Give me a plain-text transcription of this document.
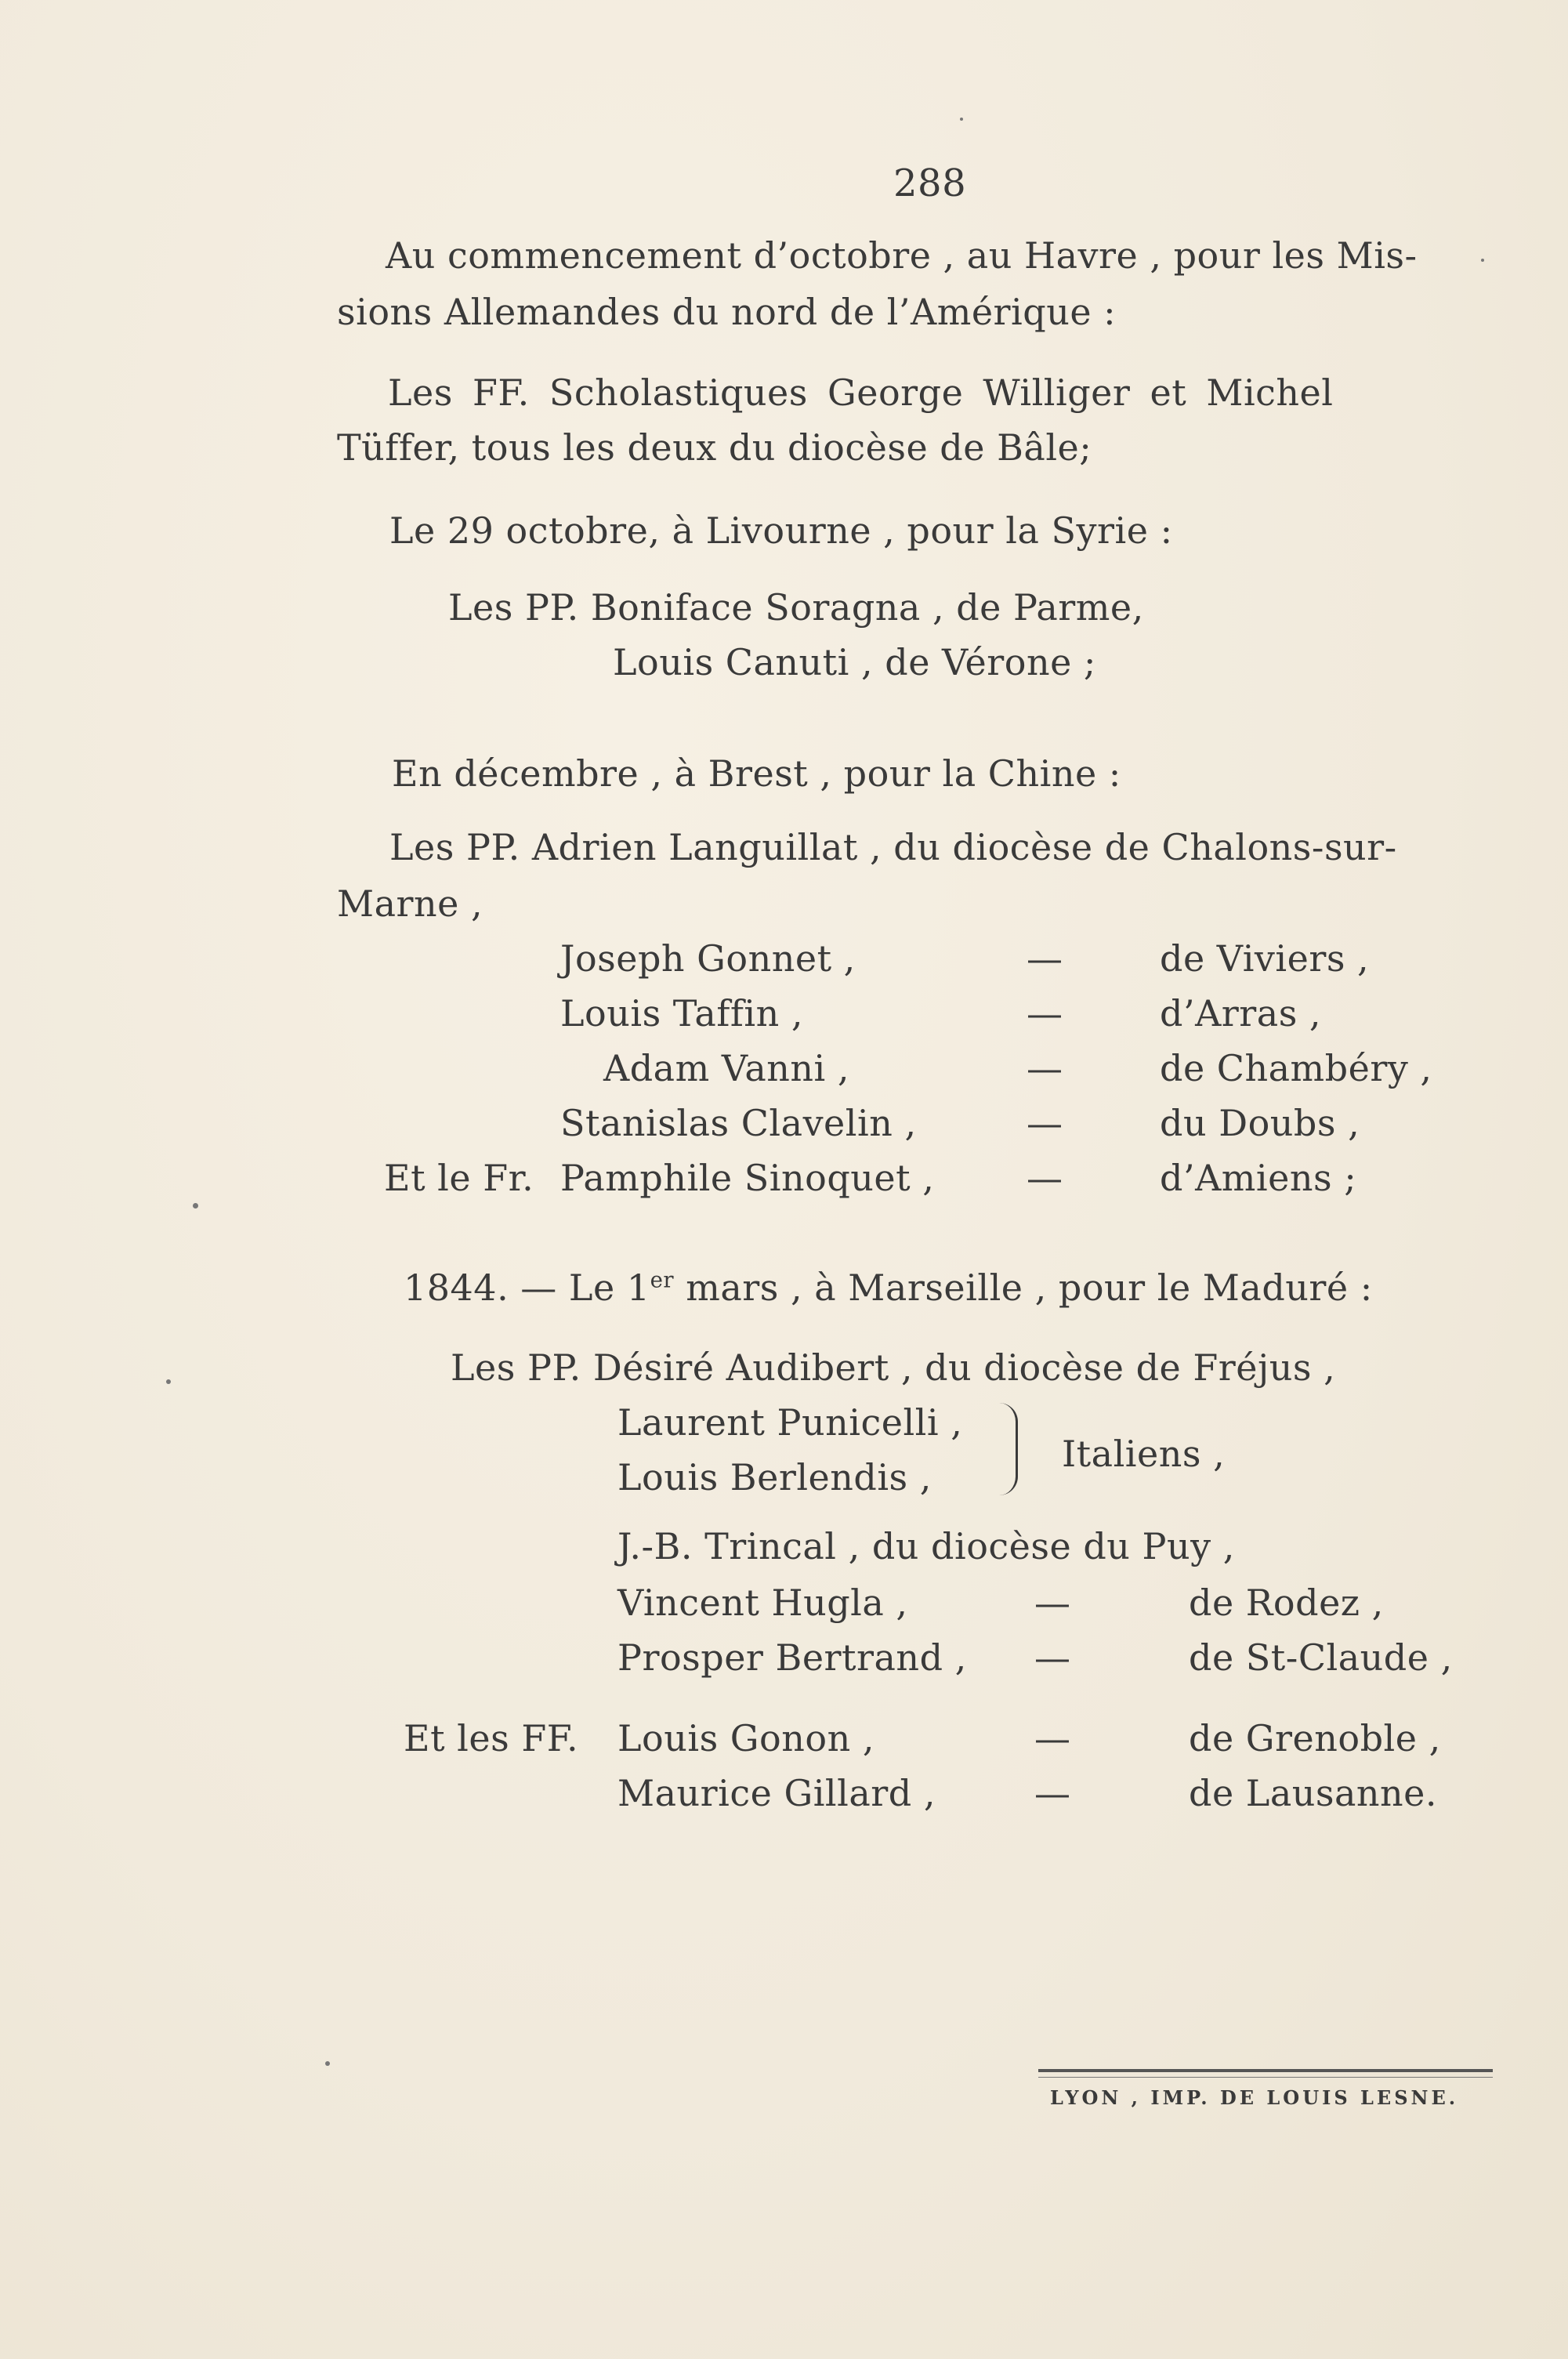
288
Au commencement d’octobre , au Havre , pour les Mis-
sions Allemandes du nord de l’Amérique :
Les FF. Scholastiques George Williger et Michel
Tüffer, tous les deux du diocèse de Bâle;
Le 29 octobre, à Livourne , pour la Syrie :
Les PP. Boniface Soragna , de Parme,
Louis Canuti , de Vérone ;
En décembre , à Brest , pour la Chine :
Les PP. Adrien Languillat , du diocèse de Chalons-sur-
Marne ,
Joseph Gonnet ,	—	de Viviers ,
Louis Taffin ,	—	d’Arras ,
Adam Vanni ,	—	de Chambéry ,
Stanislas Clavelin ,	—	du Doubs ,
Et le Fr. Pamphile Sinoquet ,	—	d’Amiens ;
1844. — Le 1er mars , à Marseille , pour le Maduré :
Les PP. Désiré Audibert , du diocèse de Fréjus ,
Laurent Punicelli ,
Louis Berlendis ,
Italiens ,
J.-B. Trincal , du diocèse du Puy ,
Vincent Hugla ,	—	de Rodez ,
Prosper Bertrand , —	de St-Claude ,
Et les FF. Louis Gonon ,	—	de Grenoble ,
Maurice Gillard ,	—	de Lausanne.
LYON , IMP. DE LOUIS LESNE.
